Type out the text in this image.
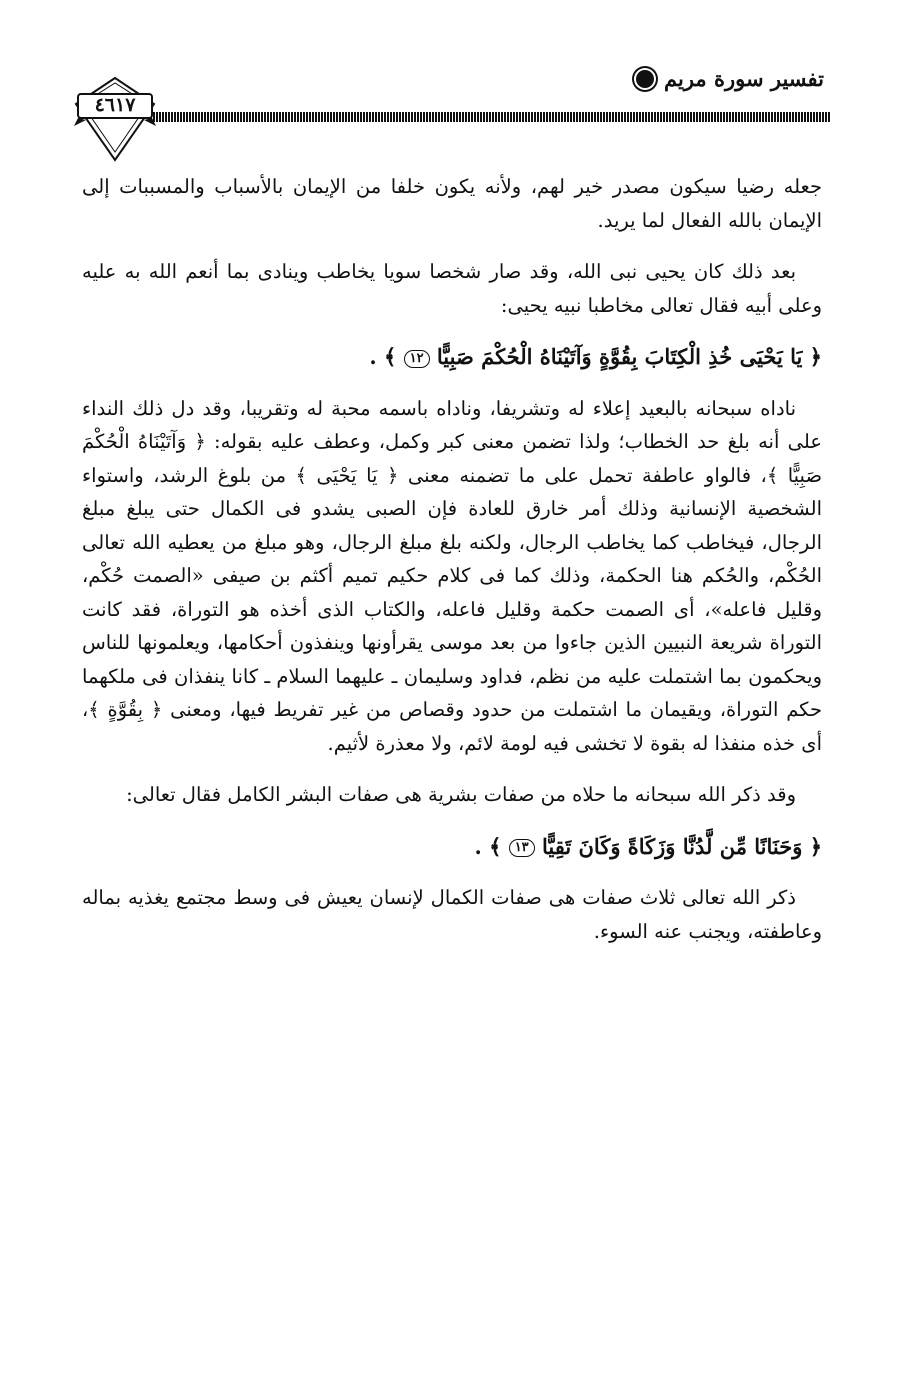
تفسير سورة مريم
٤٦١٧

جعله رضيا سيكون مصدر خير لهم، ولأنه يكون خلفا من الإيمان بالأسباب والمسببات إلى الإيمان بالله الفعال لما يريد.

بعد ذلك كان يحيى نبى الله، وقد صار شخصا سويا يخاطب وينادى بما أنعم الله به عليه وعلى أبيه فقال تعالى مخاطبا نبيه يحيى:

﴿ يَا يَحْيَى خُذِ الْكِتَابَ بِقُوَّةٍ وَآتَيْنَاهُ الْحُكْمَ صَبِيًّا ١٢ ﴾ .

ناداه سبحانه بالبعيد إعلاء له وتشريفا، وناداه باسمه محبة له وتقريبا، وقد دل ذلك النداء على أنه بلغ حد الخطاب؛ ولذا تضمن معنى كبر وكمل، وعطف عليه بقوله: ﴿ وَآتَيْنَاهُ الْحُكْمَ صَبِيًّا ﴾، فالواو عاطفة تحمل على ما تضمنه معنى ﴿ يَا يَحْيَى ﴾ من بلوغ الرشد، واستواء الشخصية الإنسانية وذلك أمر خارق للعادة فإن الصبى يشدو فى الكمال حتى يبلغ مبلغ الرجال، فيخاطب كما يخاطب الرجال، ولكنه بلغ مبلغ الرجال، وهو مبلغ من يعطيه الله تعالى الحُكْم، والحُكم هنا الحكمة، وذلك كما فى كلام حكيم تميم أكثم بن صيفى «الصمت حُكْم، وقليل فاعله»، أى الصمت حكمة وقليل فاعله، والكتاب الذى أخذه هو التوراة، فقد كانت التوراة شريعة النبيين الذين جاءوا من بعد موسى يقرأونها وينفذون أحكامها، ويعلمونها للناس ويحكمون بما اشتملت عليه من نظم، فداود وسليمان ـ عليهما السلام ـ كانا ينفذان فى ملكهما حكم التوراة، ويقيمان ما اشتملت من حدود وقصاص من غير تفريط فيها، ومعنى ﴿ بِقُوَّةٍ ﴾، أى خذه منفذا له بقوة لا تخشى فيه لومة لائم، ولا معذرة لأثيم.

وقد ذكر الله سبحانه ما حلاه من صفات بشرية هى صفات البشر الكامل فقال تعالى:

﴿ وَحَنَانًا مِّن لَّدُنَّا وَزَكَاةً وَكَانَ تَقِيًّا ١٣ ﴾ .

ذكر الله تعالى ثلاث صفات هى صفات الكمال لإنسان يعيش فى وسط مجتمع يغذيه بماله وعاطفته، ويجنب عنه السوء.
